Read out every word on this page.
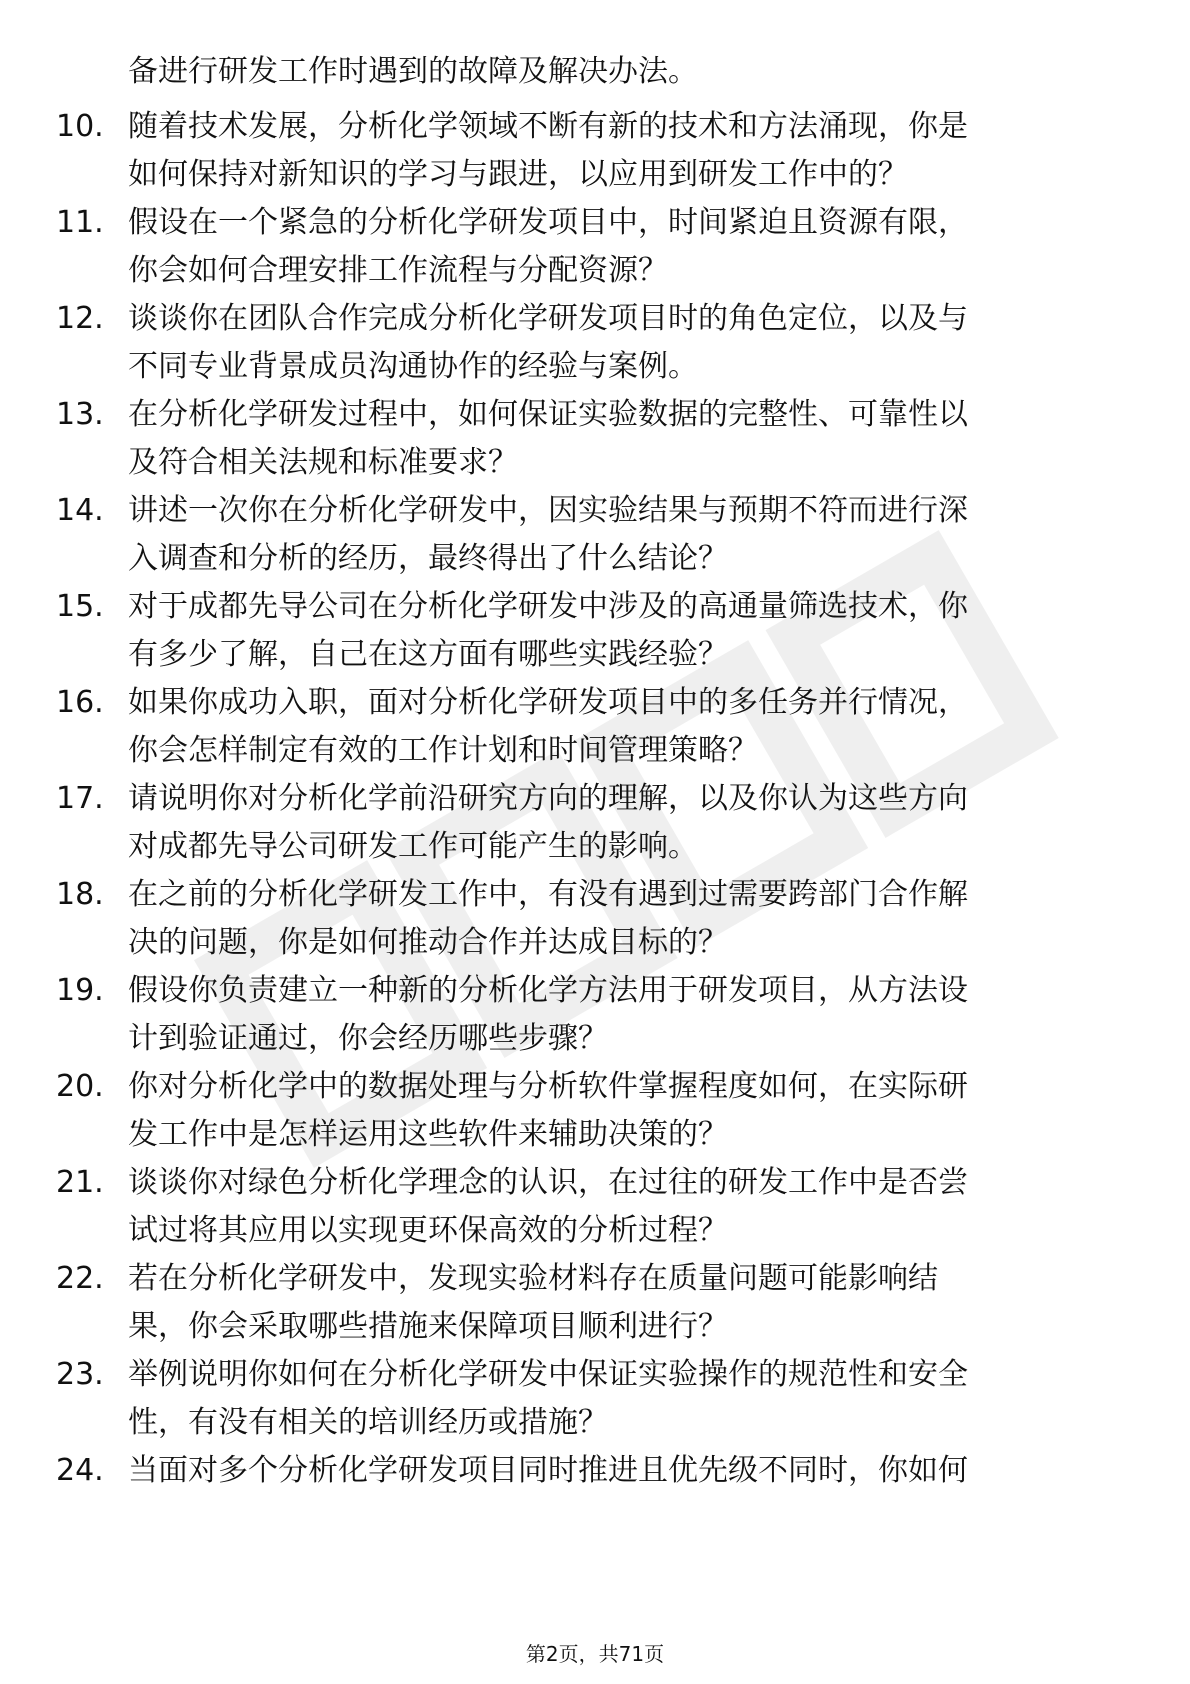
备进行研发工作时遇到的故障及解决办法。
10. 随着技术发展，分析化学领域不断有新的技术和方法涌现，你是
如何保持对新知识的学习与跟进，以应用到研发工作中的？
11. 假设在一个紧急的分析化学研发项目中，时间紧迫且资源有限，
你会如何合理安排工作流程与分配资源？
12. 谈谈你在团队合作完成分析化学研发项目时的角色定位，以及与
不同专业背景成员沟通协作的经验与案例。
13. 在分析化学研发过程中，如何保证实验数据的完整性、可靠性以
及符合相关法规和标准要求？
14. 讲述一次你在分析化学研发中，因实验结果与预期不符而进行深
入调查和分析的经历，最终得出了什么结论？
15. 对于成都先导公司在分析化学研发中涉及的高通量筛选技术，你
有多少了解，自己在这方面有哪些实践经验？
16. 如果你成功入职，面对分析化学研发项目中的多任务并行情况，
你会怎样制定有效的工作计划和时间管理策略？
17. 请说明你对分析化学前沿研究方向的理解，以及你认为这些方向
对成都先导公司研发工作可能产生的影响。
18. 在之前的分析化学研发工作中，有没有遇到过需要跨部门合作解
决的问题，你是如何推动合作并达成目标的？
19. 假设你负责建立一种新的分析化学方法用于研发项目，从方法设
计到验证通过，你会经历哪些步骤？
20. 你对分析化学中的数据处理与分析软件掌握程度如何，在实际研
发工作中是怎样运用这些软件来辅助决策的？
21. 谈谈你对绿色分析化学理念的认识，在过往的研发工作中是否尝
试过将其应用以实现更环保高效的分析过程？
22. 若在分析化学研发中，发现实验材料存在质量问题可能影响结
果，你会采取哪些措施来保障项目顺利进行？
23. 举例说明你如何在分析化学研发中保证实验操作的规范性和安全
性，有没有相关的培训经历或措施？
24. 当面对多个分析化学研发项目同时推进且优先级不同时，你如何
第2页，共71页
